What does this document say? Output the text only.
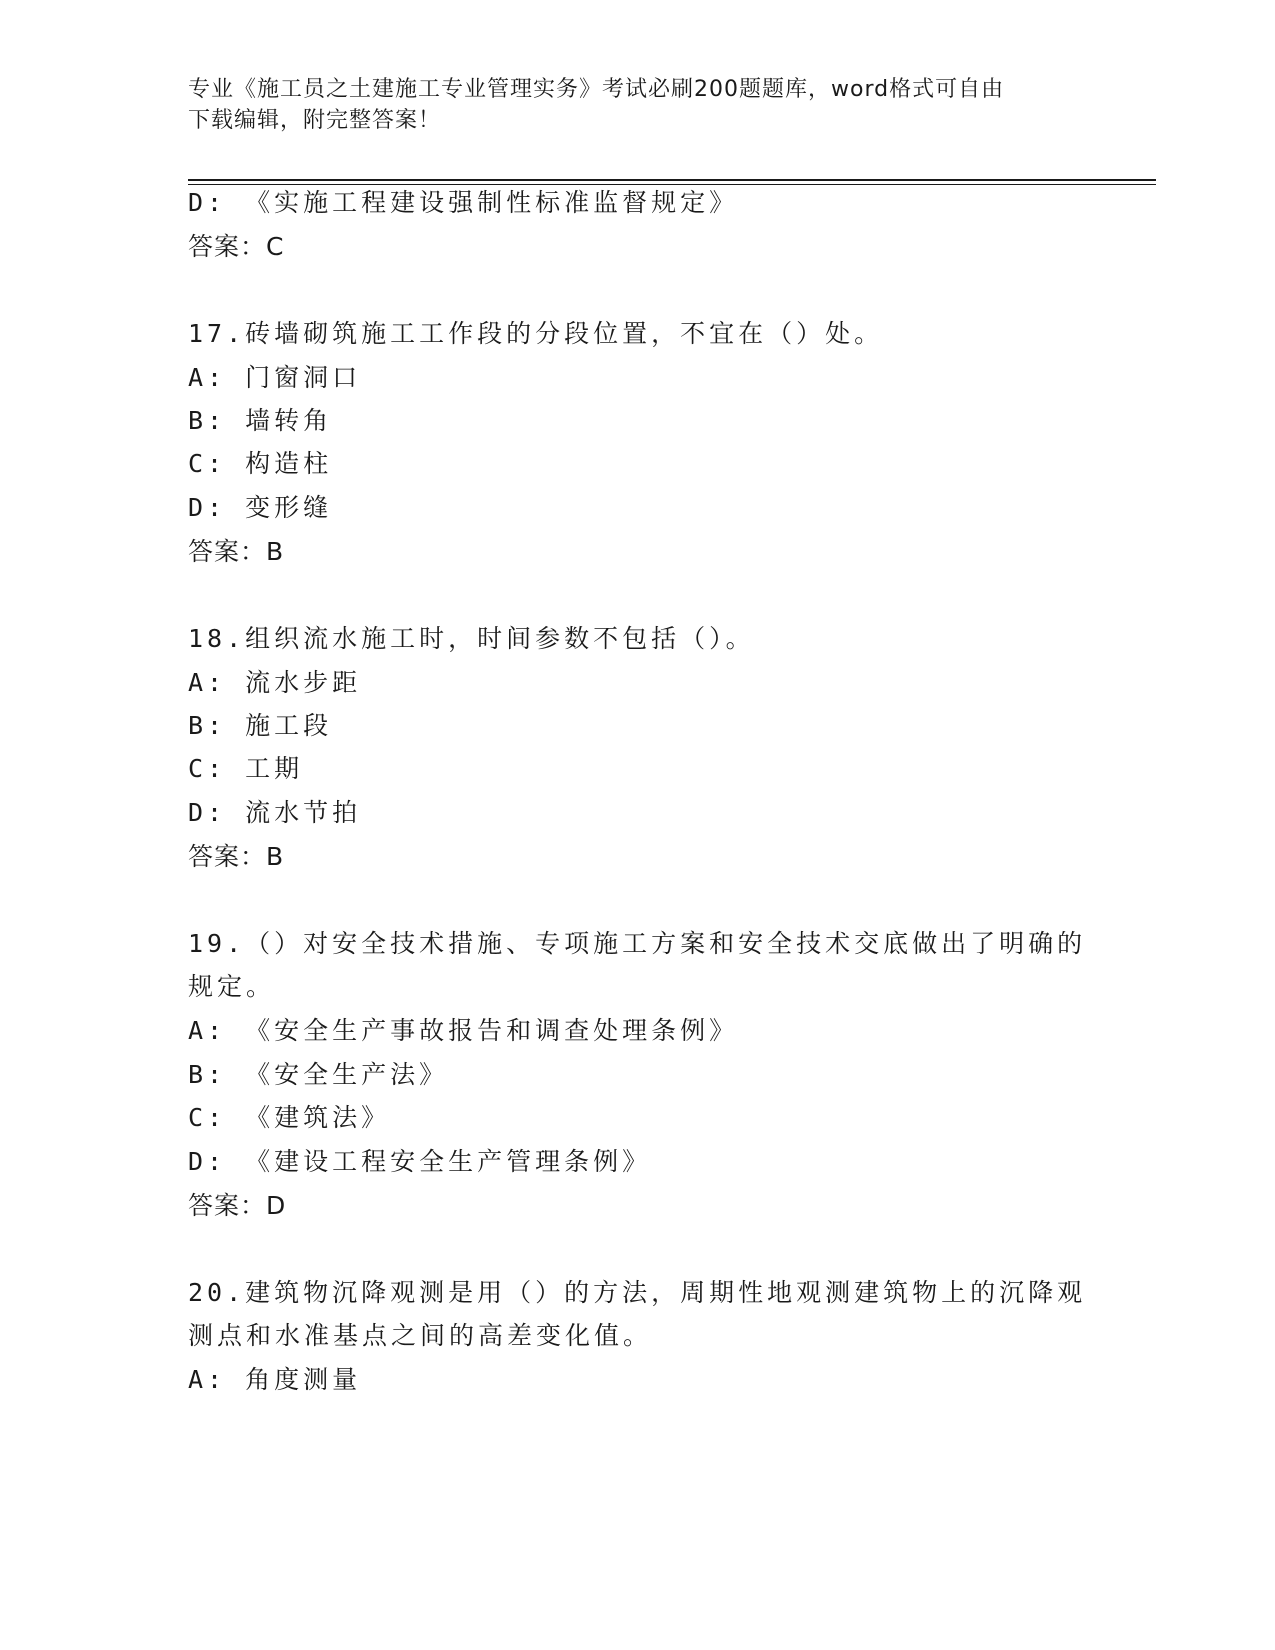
专业《施工员之土建施工专业管理实务》考试必刷200题题库，word格式可自由
下载编辑，附完整答案！
D: 《实施工程建设强制性标准监督规定》
答案：C
17.砖墙砌筑施工工作段的分段位置，不宜在（）处。
A: 门窗洞口
B: 墙转角
C: 构造柱
D: 变形缝
答案：B
18.组织流水施工时，时间参数不包括（）。
A: 流水步距
B: 施工段
C: 工期
D: 流水节拍
答案：B
19.（）对安全技术措施、专项施工方案和安全技术交底做出了明确的
规定。
A: 《安全生产事故报告和调查处理条例》
B: 《安全生产法》
C: 《建筑法》
D: 《建设工程安全生产管理条例》
答案：D
20.建筑物沉降观测是用（）的方法，周期性地观测建筑物上的沉降观
测点和水准基点之间的高差变化值。
A: 角度测量
